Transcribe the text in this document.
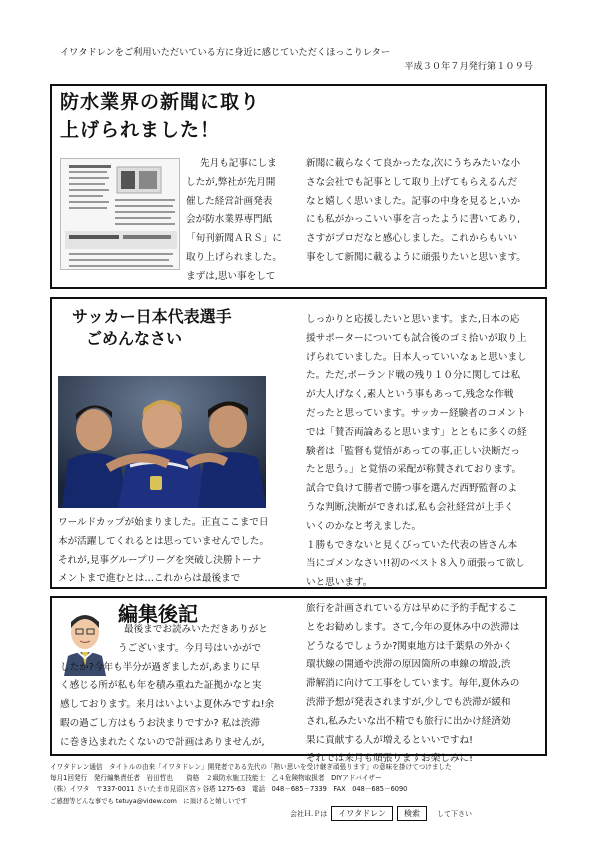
イワタドレンをご利用いただいている方に身近に感じていただくほっこりレター
平成３０年７月発行第１０９号
防水業界の新聞に取り
上げられました！

先月も記事にしま

したが,弊社が先月開

催した経営計画発表

会が防水業界専門紙

「旬刊新聞ＡＲＳ」に

取り上げられました。

まずは,思い事をして

新聞に載らなくて良かったな,次にうちみたいな小

さな会社でも記事として取り上げてもらえるんだ

なと嬉しく思いました。記事の中身を見ると,いか

にも私がかっこいい事を言ったように書いてあり,

さすがプロだなと感心しました。これからもいい

事をして新聞に載るように頑張りたいと思います。

サッカー日本代表選手
ごめんなさい

ワールドカップが始まりました。正直ここまで日

本が活躍してくれるとは思っていませんでした。

それが,見事グループリーグを突破し決勝トーナ

メントまで進むとは…これからは最後まで

しっかりと応援したいと思います。また,日本の応

援サポーターについても試合後のゴミ拾いが取り上

げられていました。日本人っていいなぁと思いまし

た。ただ,ポーランド戦の残り１０分に関しては私

が大人げなく,素人という事もあって,残念な作戦

だったと思っています。サッカー経験者のコメント

では「賛否両論あると思います」とともに多くの経

験者は「監督も覚悟があっての事,正しい決断だっ

たと思う。」と覚悟の采配が称賛されております。

試合で負けて勝者で勝つ事を選んだ西野監督のよ

うな判断,決断ができれば,私も会社経営が上手く

いくのかなと考えました。

１勝もできないと見くびっていた代表の皆さん本

当にゴメンなさい!!初のベスト８入り頑張って欲し

いと思います。

編集後記

最後までお読みいただきありがと

うございます。今月号はいかがで

したか?今年も半分が過ぎましたが,あまりに早

く感じる所が私も年を積み重ねた証拠かなと実

感しております。来月はいよいよ夏休みですね!余

暇の過ごし方はもうお決まりですか? 私は渋滞

に巻き込まれたくないので計画はありませんが,

旅行を計画されている方は早めに予約手配するこ

とをお勧めします。さて,今年の夏休み中の渋滞は

どうなるでしょうか?関東地方は千葉県の外かく

環状線の開通や渋滞の原因箇所の車線の増設,渋

滞解消に向けて工事をしています。毎年,夏休みの

渋滞予想が発表されますが,少しでも渋滞が緩和

され,私みたいな出不精でも旅行に出かけ経済効

果に貢献する人が増えるといいですね!

それでは来月も頑張りますお楽しみに!

イワタドレン通信　タイトルの由来「イワタドレン」開発者である先代の「熱い思いを受け継ぎ頑張ります」の意味を掛けてつけました

毎月1回発行　発行編集責任者　岩田哲也　　資格　２級防水施工技能士　乙４危険物取扱者　DIYアドバイザー

（株）イワタ　〒337-0011 さいたま市見沼区宮ヶ谷塔 1275-63　電話　048－685－7339　FAX　048－685－6090

ご感想等どんな事でも tetuya@videw.com　に頂けると嬉しいです

会社Ｈ.Ｐは	イワタドレン	検索	して下さい
